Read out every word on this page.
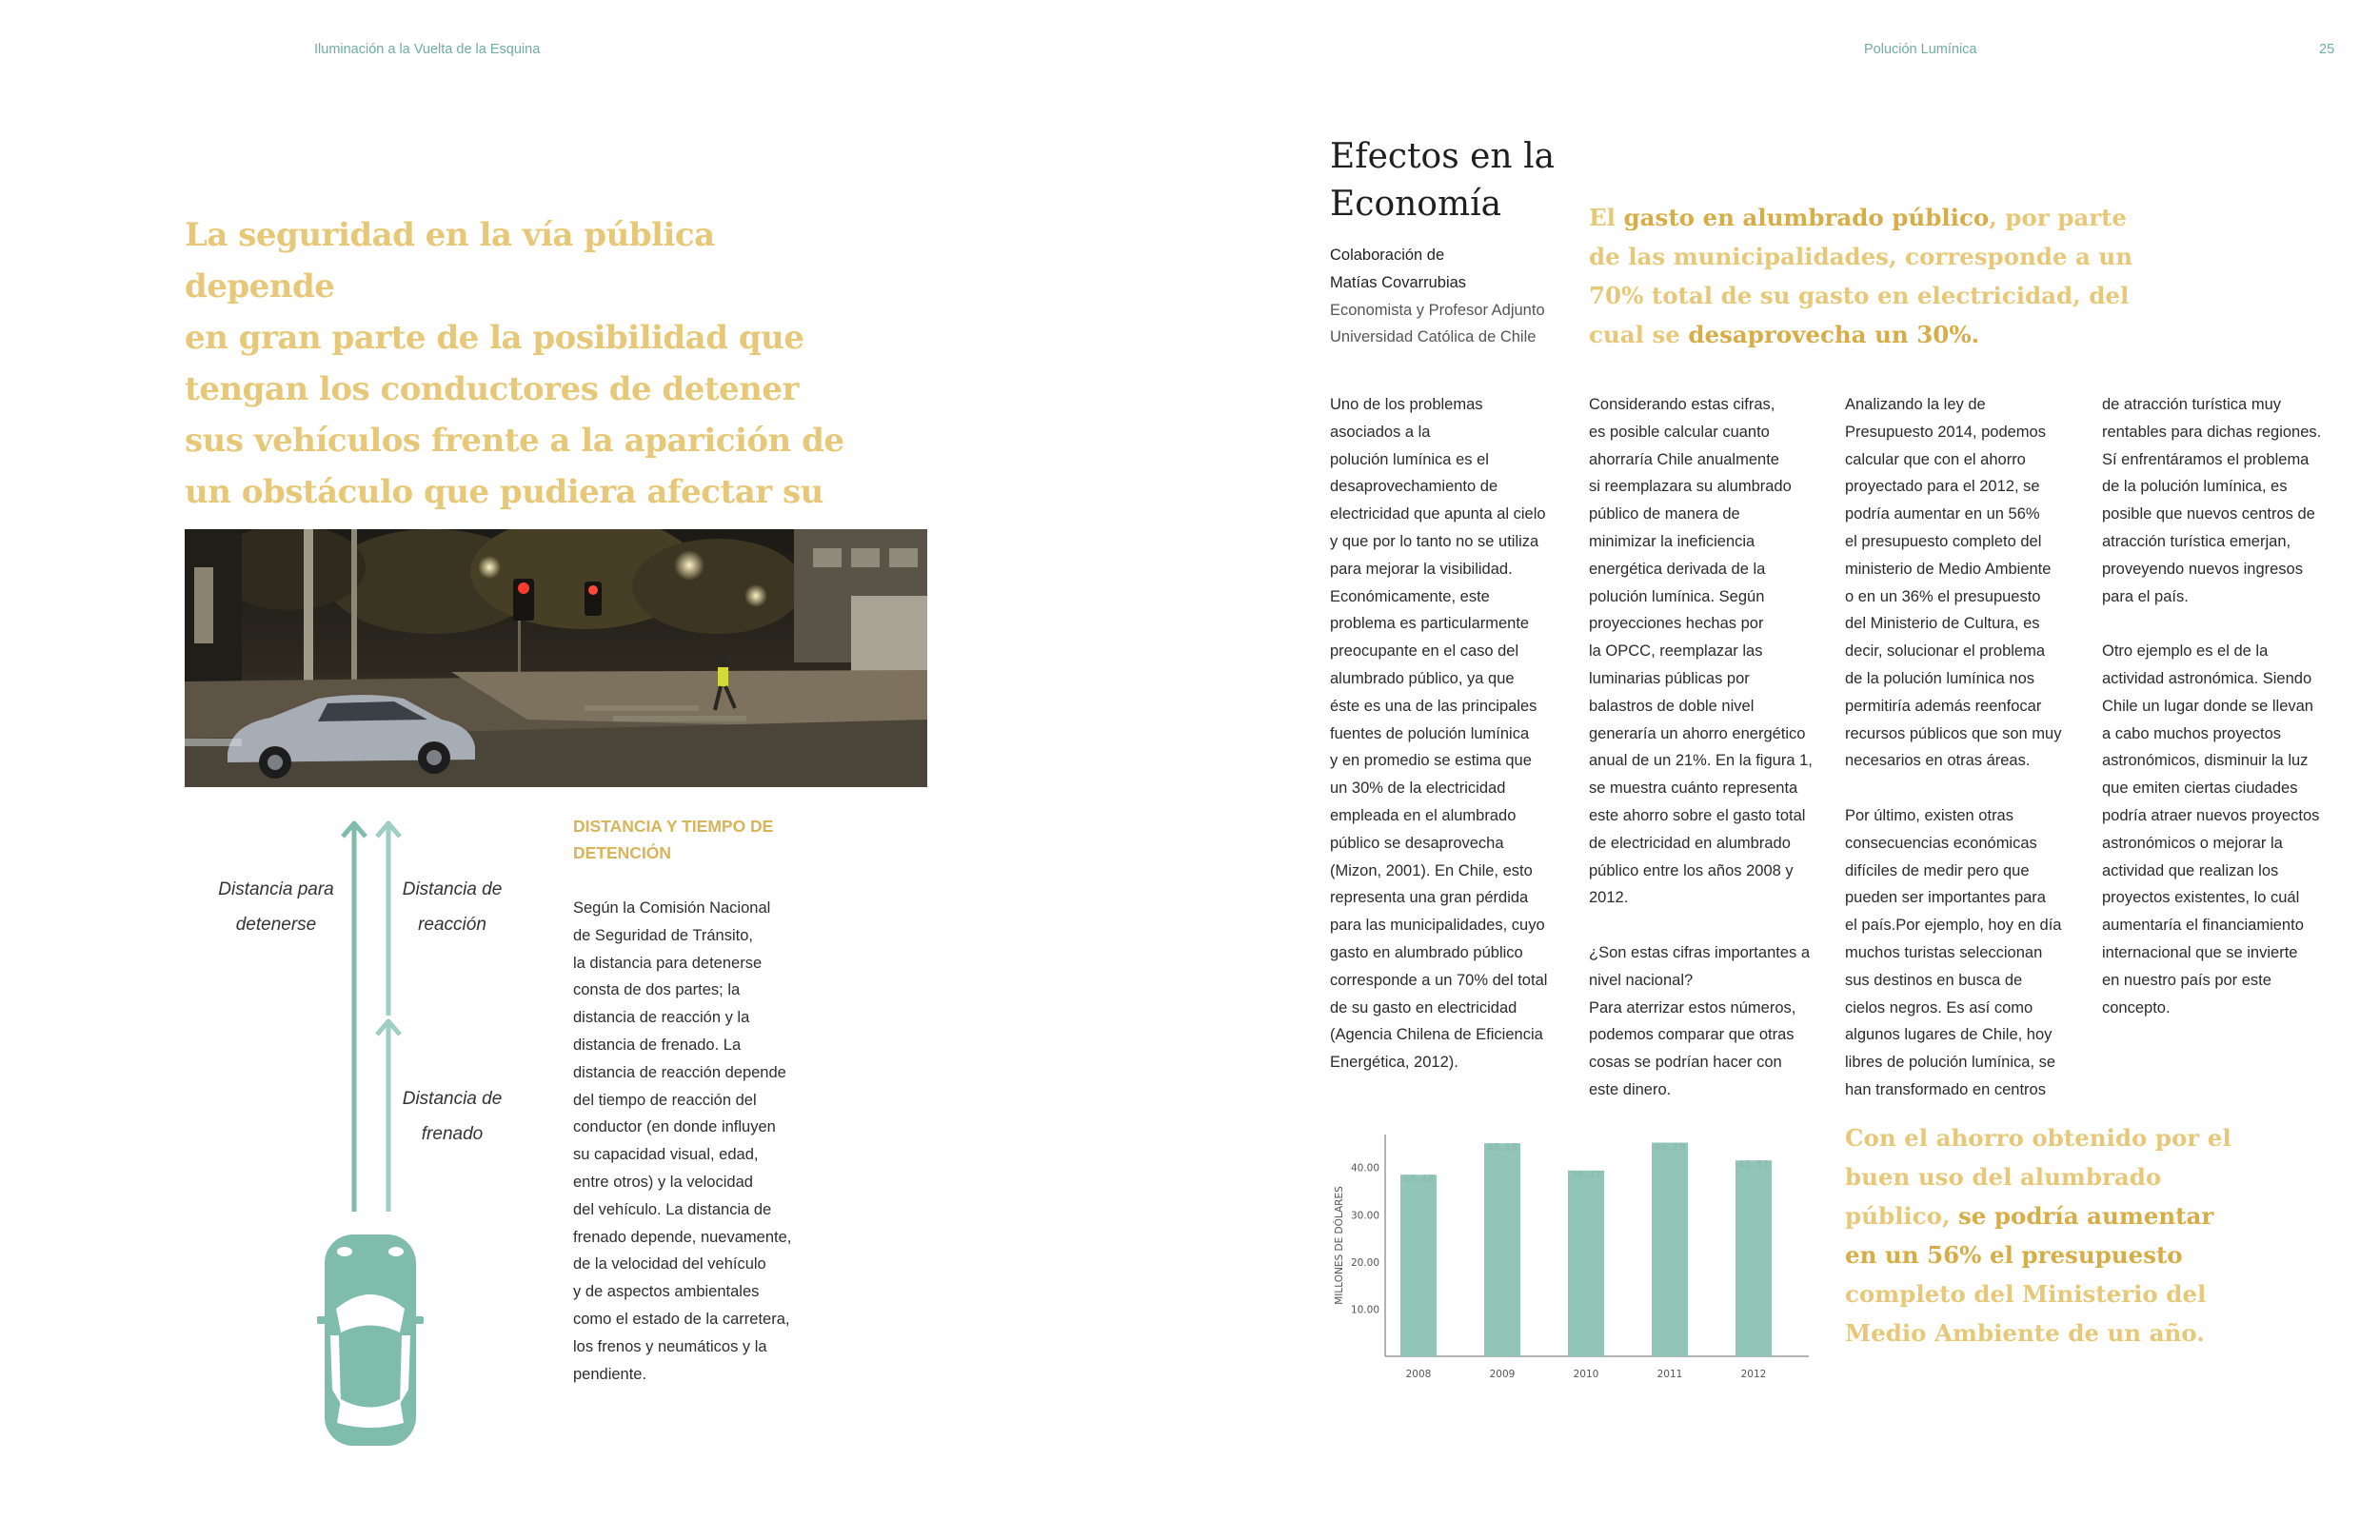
Iluminación a la Vuelta de la Esquina	Polución Lumínica	25
La seguridad en la vía pública depende
en gran parte de la posibilidad que
tengan los conductores de detener
sus vehículos frente a la aparición de
un obstáculo que pudiera afectar su
Distancia para
detenerse
Distancia de
reacción
Distancia de
frenado
DISTANCIA Y TIEMPO DE
DETENCIÓN
Según la Comisión Nacional
de Seguridad de Tránsito,
la distancia para detenerse
consta de dos partes; la
distancia de reacción y la
distancia de frenado. La
distancia de reacción depende
del tiempo de reacción del
conductor (en donde influyen
su capacidad visual, edad,
entre otros) y la velocidad
del vehículo. La distancia de
frenado depende, nuevamente,
de la velocidad del vehículo
y de aspectos ambientales
como el estado de la carretera,
los frenos y neumáticos y la
pendiente.
Efectos en la
Economía
Colaboración de
Matías Covarrubias
Economista y Profesor Adjunto
Universidad Católica de Chile
El gasto en alumbrado público, por parte de las municipalidades, corresponde a un 70% total de su gasto en electricidad, del cual se desaprovecha un 30%.

Uno de los problemas
asociados a la
polución lumínica es el
desaprovechamiento de
electricidad que apunta al cielo
y que por lo tanto no se utiliza
para mejorar la visibilidad.
Económicamente, este
problema es particularmente
preocupante en el caso del
alumbrado público, ya que
éste es una de las principales
fuentes de polución lumínica
y en promedio se estima que
un 30% de la electricidad
empleada en el alumbrado
público se desaprovecha
(Mizon, 2001). En Chile, esto
representa una gran pérdida
para las municipalidades, cuyo
gasto en alumbrado público
corresponde a un 70% del total
de su gasto en electricidad
(Agencia Chilena de Eficiencia
Energética, 2012).

Considerando estas cifras,
es posible calcular cuanto
ahorraría Chile anualmente
si reemplazara su alumbrado
público de manera de
minimizar la ineficiencia
energética derivada de la
polución lumínica. Según
proyecciones hechas por
la OPCC, reemplazar las
luminarias públicas por
balastros de doble nivel
generaría un ahorro energético
anual de un 21%. En la figura 1,
se muestra cuánto representa
este ahorro sobre el gasto total
de electricidad en alumbrado
público entre los años 2008 y
2012.

¿Son estas cifras importantes a
nivel nacional?
Para aterrizar estos números,
podemos comparar que otras
cosas se podrían hacer con
este dinero.

Analizando la ley de
Presupuesto 2014, podemos
calcular que con el ahorro
proyectado para el 2012, se
podría aumentar en un 56%
el presupuesto completo del
ministerio de Medio Ambiente
o en un 36% el presupuesto
del Ministerio de Cultura, es
decir, solucionar el problema
de la polución lumínica nos
permitiría además reenfocar
recursos públicos que son muy
necesarios en otras áreas.

Por último, existen otras
consecuencias económicas
difíciles de medir pero que
pueden ser importantes para
el país.Por ejemplo, hoy en día
muchos turistas seleccionan
sus destinos en busca de
cielos negros. Es así como
algunos lugares de Chile, hoy
libres de polución lumínica, se
han transformado en centros

de atracción turística muy
rentables para dichas regiones.
Sí enfrentáramos el problema
de la polución lumínica, es
posible que nuevos centros de
atracción turística emerjan,
proveyendo nuevos ingresos
para el país.

Otro ejemplo es el de la
actividad astronómica. Siendo
Chile un lugar donde se llevan
a cabo muchos proyectos
astronómicos, disminuir la luz
que emiten ciertas ciudades
podría atraer nuevos proyectos
astronómicos o mejorar la
actividad que realizan los
proyectos existentes, lo cuál
aumentaría el financiamiento
internacional que se invierte
en nuestro país por este
concepto.

Con el ahorro obtenido por el buen uso del alumbrado público, se podría aumentar en un 56% el presupuesto completo del Ministerio del Medio Ambiente de un año.
10.00
20.00
30.00
40.00
MILLONES DE DÓLARES
38.48
2008
45.15
2009
39.37
2010
45.28
2011
41.51
2012
